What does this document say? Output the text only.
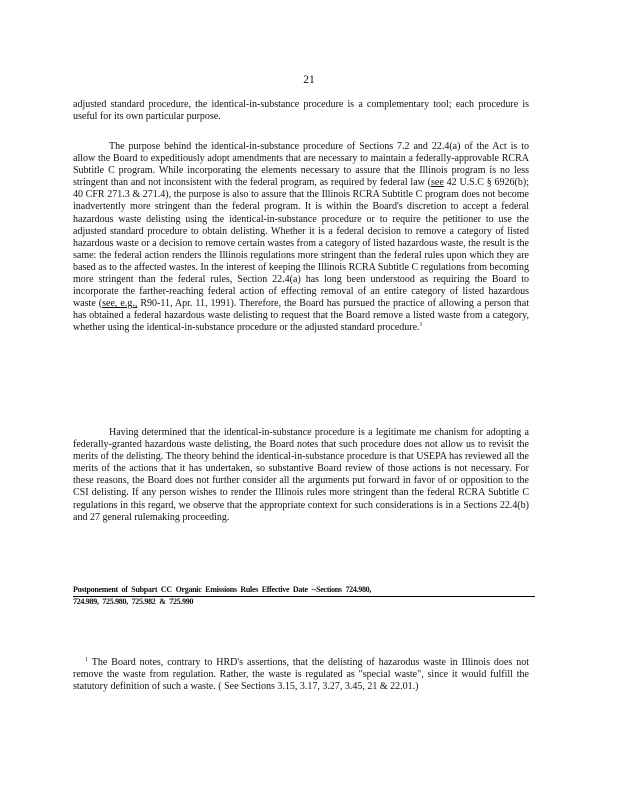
21

adjusted standard procedure, the identical-in-substance procedure is a complementary tool; each procedure is useful for its own particular purpose.

The purpose behind the identical-in-substance procedure of Sections 7.2 and 22.4(a) of the Act is to allow the Board to expeditiously adopt amendments that are necessary to maintain a federally-approvable RCRA Subtitle C program. While incorporating the elements necessary to assure that the Illinois program is no less stringent than and not inconsistent with the federal program, as required by federal law (see 42 U.S.C § 6926(b); 40 CFR 271.3 & 271.4), the purpose is also to assure that the Illinois RCRA Subtitle C program does not become inadvertently more stringent than the federal program. It is within the Board's discretion to accept a federal hazardous waste delisting using the identical-in-substance procedure or to require the petitioner to use the adjusted standard procedure to obtain delisting. Whether it is a federal decision to remove a category of listed hazardous waste or a decision to remove certain wastes from a category of listed hazardous waste, the result is the same: the federal action renders the Illinois regulations more stringent than the federal rules upon which they are based as to the affected wastes. In the interest of keeping the Illinois RCRA Subtitle C regulations from becoming more stringent than the federal rules, Section 22.4(a) has long been understood as requiring the Board to incorporate the farther-reaching federal action of effecting removal of an entire category of listed hazardous waste (see, e.g., R90-11, Apr. 11, 1991). Therefore, the Board has pursued the practice of allowing a person that has obtained a federal hazardous waste delisting to request that the Board remove a listed waste from a category, whether using the identical-in-substance procedure or the adjusted standard procedure.$^1$

Having determined that the identical-in-substance procedure is a legitimate me chanism for adopting a federally-granted hazardous waste delisting, the Board notes that such procedure does not allow us to revisit the merits of the delisting. The theory behind the identical-in-substance procedure is that USEPA has reviewed all the merits of the actions that it has undertaken, so substantive Board review of those actions is not necessary. For these reasons, the Board does not further consider all the arguments put forward in favor of or opposition to the CSI delisting. If any person wishes to render the Illinois rules more stringent than the federal RCRA Subtitle C regulations in this regard, we observe that the appropriate context for such considerations is in a Sections 22.4(b) and 27 general rulemaking proceeding.

Postponement of Subpart CC Organic Emissions Rules Effective Date --Sections 724.980,
724.989, 725.980, 725.982 & 725.990

$^1$ The Board notes, contrary to HRD's assertions, that the delisting of hazarodus waste in Illinois does not remove the waste from regulation. Rather, the waste is regulated as "special waste", since it would fulfill the statutory definition of such a waste. ( See Sections 3.15, 3.17, 3.27, 3.45, 21 & 22.01.)
